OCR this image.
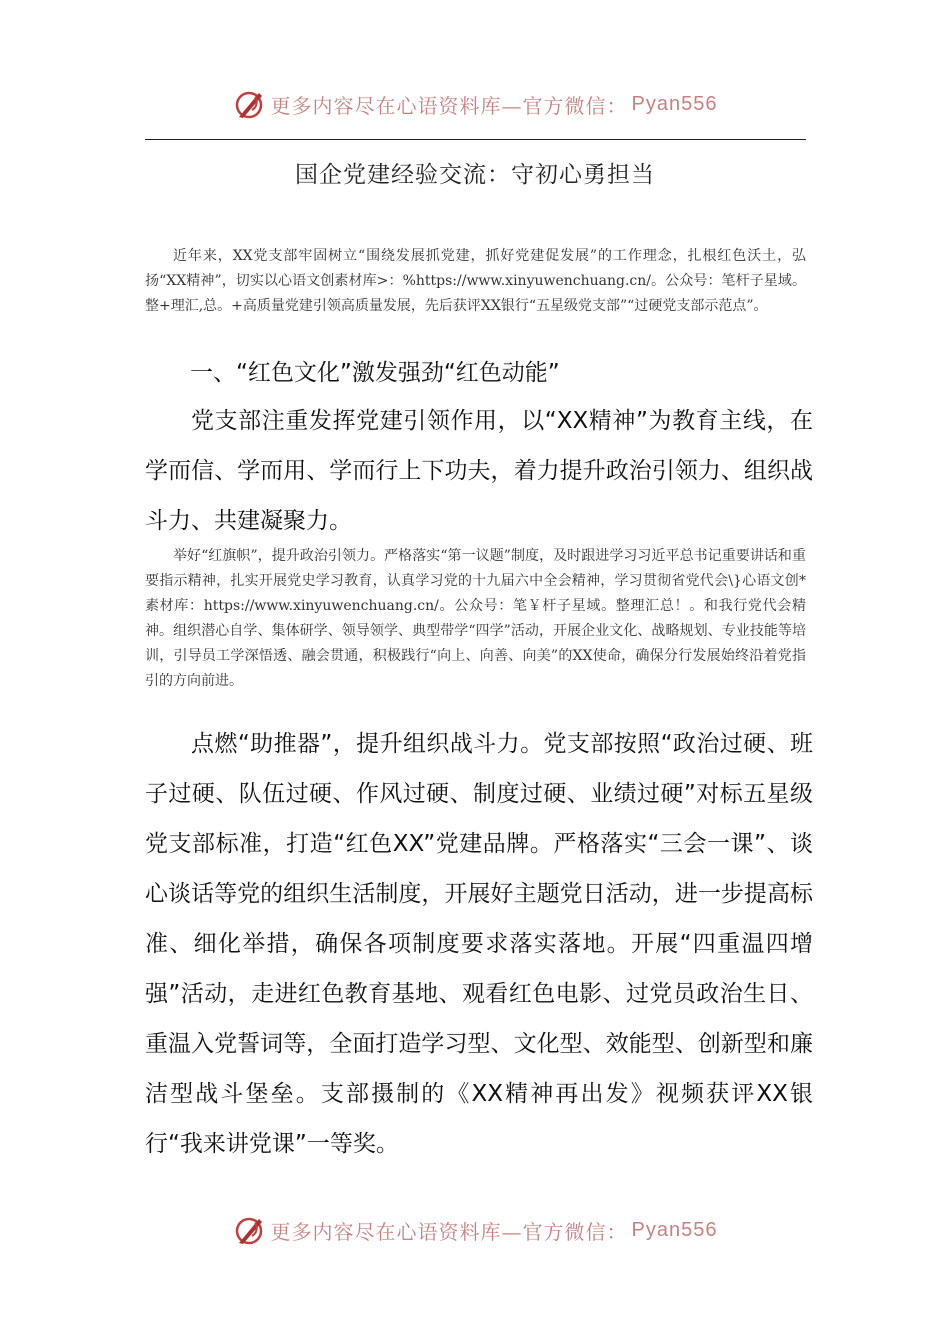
更多内容尽在心语资料库—官方微信： Pyan556
国企党建经验交流：守初心勇担当
近年来，XX党支部牢固树立“围绕发展抓党建，抓好党建促发展”的工作理念，扎根红色沃土，弘扬“XX精神”，切实以心语文创素材库>：%https://www.xinyuwenchuang.cn/。公众号：笔杆子星域。整+理汇,总。+高质量党建引领高质量发展，先后获评XX银行“五星级党支部”“过硬党支部示范点”。
一、“红色文化”激发强劲“红色动能”
党支部注重发挥党建引领作用，以“XX精神”为教育主线，在学而信、学而用、学而行上下功夫，着力提升政治引领力、组织战斗力、共建凝聚力。
举好“红旗帜”，提升政治引领力。严格落实“第一议题”制度，及时跟进学习习近平总书记重要讲话和重要指示精神，扎实开展党史学习教育，认真学习党的十九届六中全会精神，学习贯彻省党代会\}心语文创*素材库：https://www.xinyuwenchuang.cn/。公众号：笔￥杆子星域。整理汇总！。和我行党代会精神。组织潜心自学、集体研学、领导领学、典型带学“四学”活动，开展企业文化、战略规划、专业技能等培训，引导员工学深悟透、融会贯通，积极践行“向上、向善、向美”的XX使命，确保分行发展始终沿着党指引的方向前进。
点燃“助推器”，提升组织战斗力。党支部按照“政治过硬、班子过硬、队伍过硬、作风过硬、制度过硬、业绩过硬”对标五星级党支部标准，打造“红色XX”党建品牌。严格落实“三会一课”、谈心谈话等党的组织生活制度，开展好主题党日活动，进一步提高标准、细化举措，确保各项制度要求落实落地。开展“四重温四增强”活动，走进红色教育基地、观看红色电影、过党员政治生日、重温入党誓词等，全面打造学习型、文化型、效能型、创新型和廉洁型战斗堡垒。支部摄制的《XX精神再出发》视频获评XX银行“我来讲党课”一等奖。
更多内容尽在心语资料库—官方微信： Pyan556
